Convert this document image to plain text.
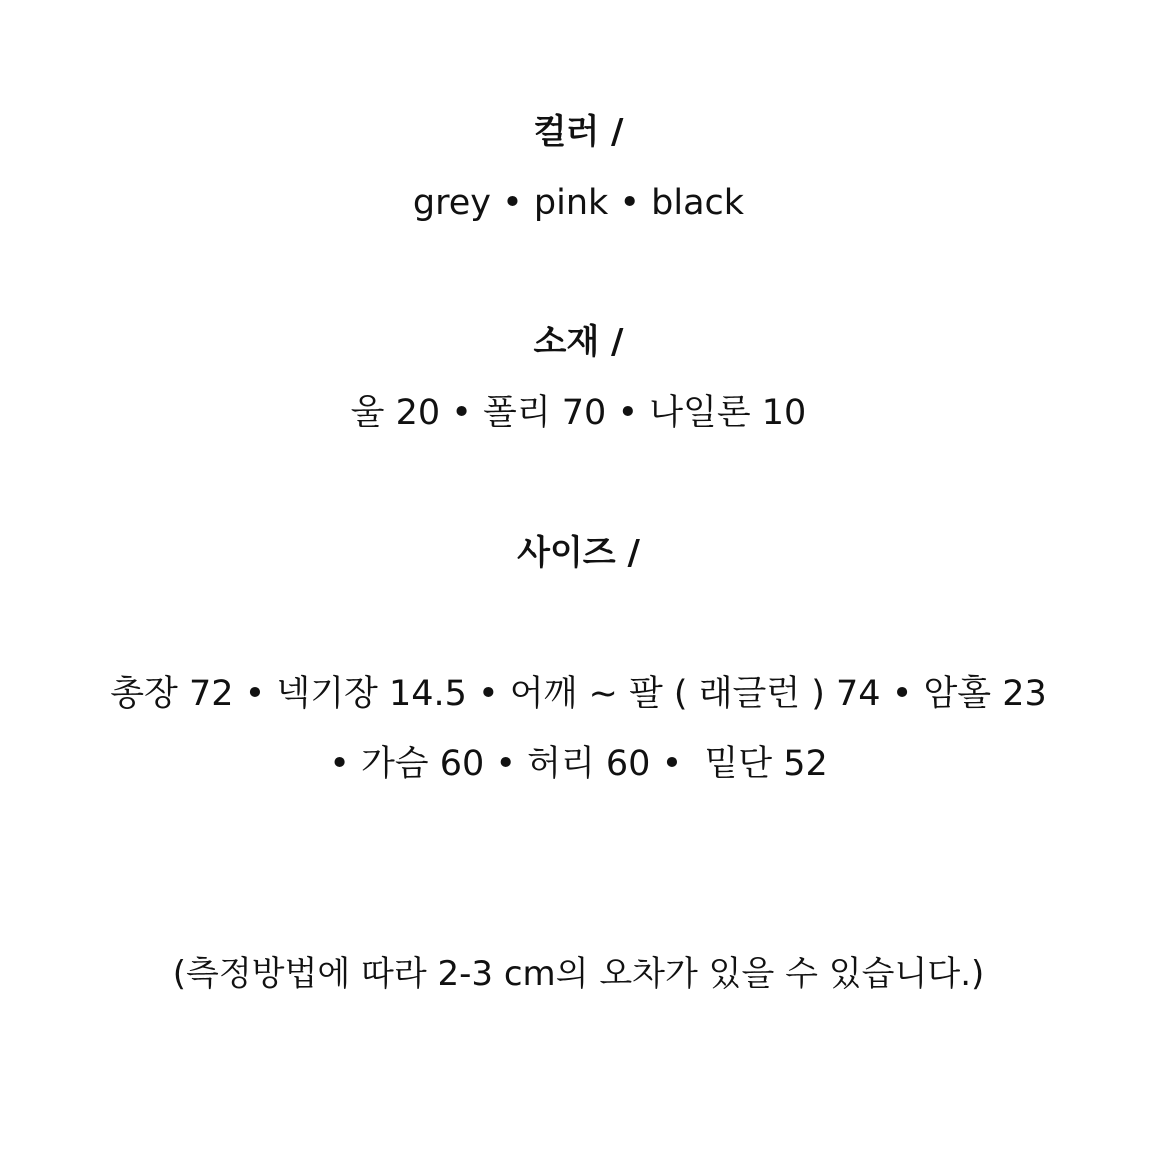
컬러 /
grey • pink • black
소재 /
울 20 • 폴리 70 • 나일론 10
사이즈 /
총장 72 • 넥기장 14.5 • 어깨 ~ 팔 ( 래글런 ) 74 • 암홀 23
• 가슴 60 • 허리 60 •  밑단 52
(측정방법에 따라 2-3 cm의 오차가 있을 수 있습니다.)
